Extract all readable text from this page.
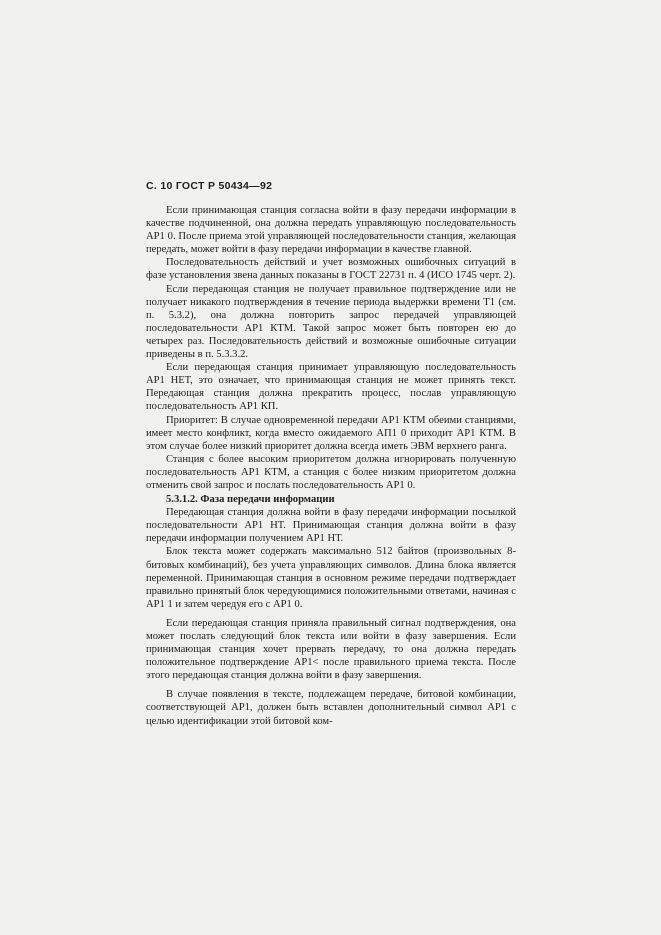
С. 10 ГОСТ Р 50434—92

Если принимающая станция согласна войти в фазу передачи информации в качестве подчиненной, она должна передать управляющую последовательность АР1 0. После приема этой управляющей последовательности станция, желающая передать, может войти в фазу передачи информации в качестве главной.

Последовательность действий и учет возможных ошибочных ситуаций в фазе установления звена данных показаны в ГОСТ 22731 п. 4 (ИСО 1745 черт. 2).

Если передающая станция не получает правильное подтверждение или не получает никакого подтверждения в течение периода выдержки времени Т1 (см. п. 5.3.2), она должна повторить запрос передачей управляющей последовательности АР1 КТМ. Такой запрос может быть повторен ею до четырех раз. Последовательность действий и возможные ошибочные ситуации приведены в п. 5.3.3.2.

Если передающая станция принимает управляющую последовательность АР1 НЕТ, это означает, что принимающая станция не может принять текст. Передающая станция должна прекратить процесс, послав управляющую последовательность АР1 КП.

Приоритет: В случае одновременной передачи АР1 КТМ обеими станциями, имеет место конфликт, когда вместо ожидаемого АП1 0 приходит АР1 КТМ. В этом случае более низкий приоритет должна всегда иметь ЭВМ верхнего ранга.

Станция с более высоким приоритетом должна игнорировать полученную последовательность АР1 КТМ, а станция с более низким приоритетом должна отменить свой запрос и послать последовательность АР1 0.

5.3.1.2. Фаза передачи информации

Передающая станция должна войти в фазу передачи информации посылкой последовательности АР1 НТ. Принимающая станция должна войти в фазу передачи информации получением АР1 НТ.

Блок текста может содержать максимально 512 байтов (произвольных 8-битовых комбинаций), без учета управляющих символов. Длина блока является переменной. Принимающая станция в основном режиме передачи подтверждает правильно принятый блок чередующимися положительными ответами, начиная с АР1 1 и затем чередуя его с АР1 0.

Если передающая станция приняла правильный сигнал подтверждения, она может послать следующий блок текста или войти в фазу завершения. Если принимающая станция хочет прервать передачу, то она должна передать положительное подтверждение АР1< после правильного приема текста. После этого передающая станция должна войти в фазу завершения.

В случае появления в тексте, подлежащем передаче, битовой комбинации, соответствующей АР1, должен быть вставлен дополнительный символ АР1 с целью идентификации этой битовой ком-
